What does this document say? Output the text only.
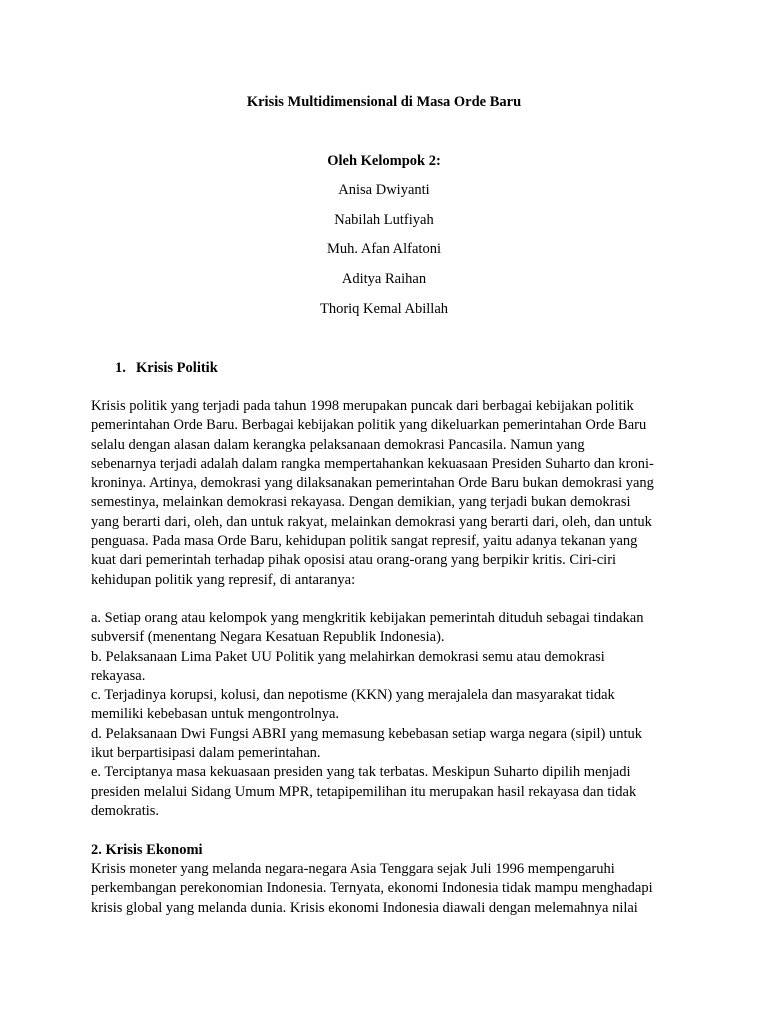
Krisis Multidimensional di Masa Orde Baru

Oleh Kelompok 2:

Anisa Dwiyanti

Nabilah Lutfiyah

Muh. Afan Alfatoni

Aditya Raihan

Thoriq Kemal Abillah

1. Krisis Politik

Krisis politik yang terjadi pada tahun 1998 merupakan puncak dari berbagai kebijakan politik
pemerintahan Orde Baru. Berbagai kebijakan politik yang dikeluarkan pemerintahan Orde Baru
selalu dengan alasan dalam kerangka pelaksanaan demokrasi Pancasila. Namun yang
sebenarnya terjadi adalah dalam rangka mempertahankan kekuasaan Presiden Suharto dan kroni-
kroninya. Artinya, demokrasi yang dilaksanakan pemerintahan Orde Baru bukan demokrasi yang
semestinya, melainkan demokrasi rekayasa. Dengan demikian, yang terjadi bukan demokrasi
yang berarti dari, oleh, dan untuk rakyat, melainkan demokrasi yang berarti dari, oleh, dan untuk
penguasa. Pada masa Orde Baru, kehidupan politik sangat represif, yaitu adanya tekanan yang
kuat dari pemerintah terhadap pihak oposisi atau orang-orang yang berpikir kritis. Ciri-ciri
kehidupan politik yang represif, di antaranya:
a. Setiap orang atau kelompok yang mengkritik kebijakan pemerintah dituduh sebagai tindakan
subversif (menentang Negara Kesatuan Republik Indonesia).
b. Pelaksanaan Lima Paket UU Politik yang melahirkan demokrasi semu atau demokrasi
rekayasa.
c. Terjadinya korupsi, kolusi, dan nepotisme (KKN) yang merajalela dan masyarakat tidak
memiliki kebebasan untuk mengontrolnya.
d. Pelaksanaan Dwi Fungsi ABRI yang memasung kebebasan setiap warga negara (sipil) untuk
ikut berpartisipasi dalam pemerintahan.
e. Terciptanya masa kekuasaan presiden yang tak terbatas. Meskipun Suharto dipilih menjadi
presiden melalui Sidang Umum MPR, tetapipemilihan itu merupakan hasil rekayasa dan tidak
demokratis.

2. Krisis Ekonomi

Krisis moneter yang melanda negara-negara Asia Tenggara sejak Juli 1996 mempengaruhi
perkembangan perekonomian Indonesia. Ternyata, ekonomi Indonesia tidak mampu menghadapi
krisis global yang melanda dunia. Krisis ekonomi Indonesia diawali dengan melemahnya nilai
